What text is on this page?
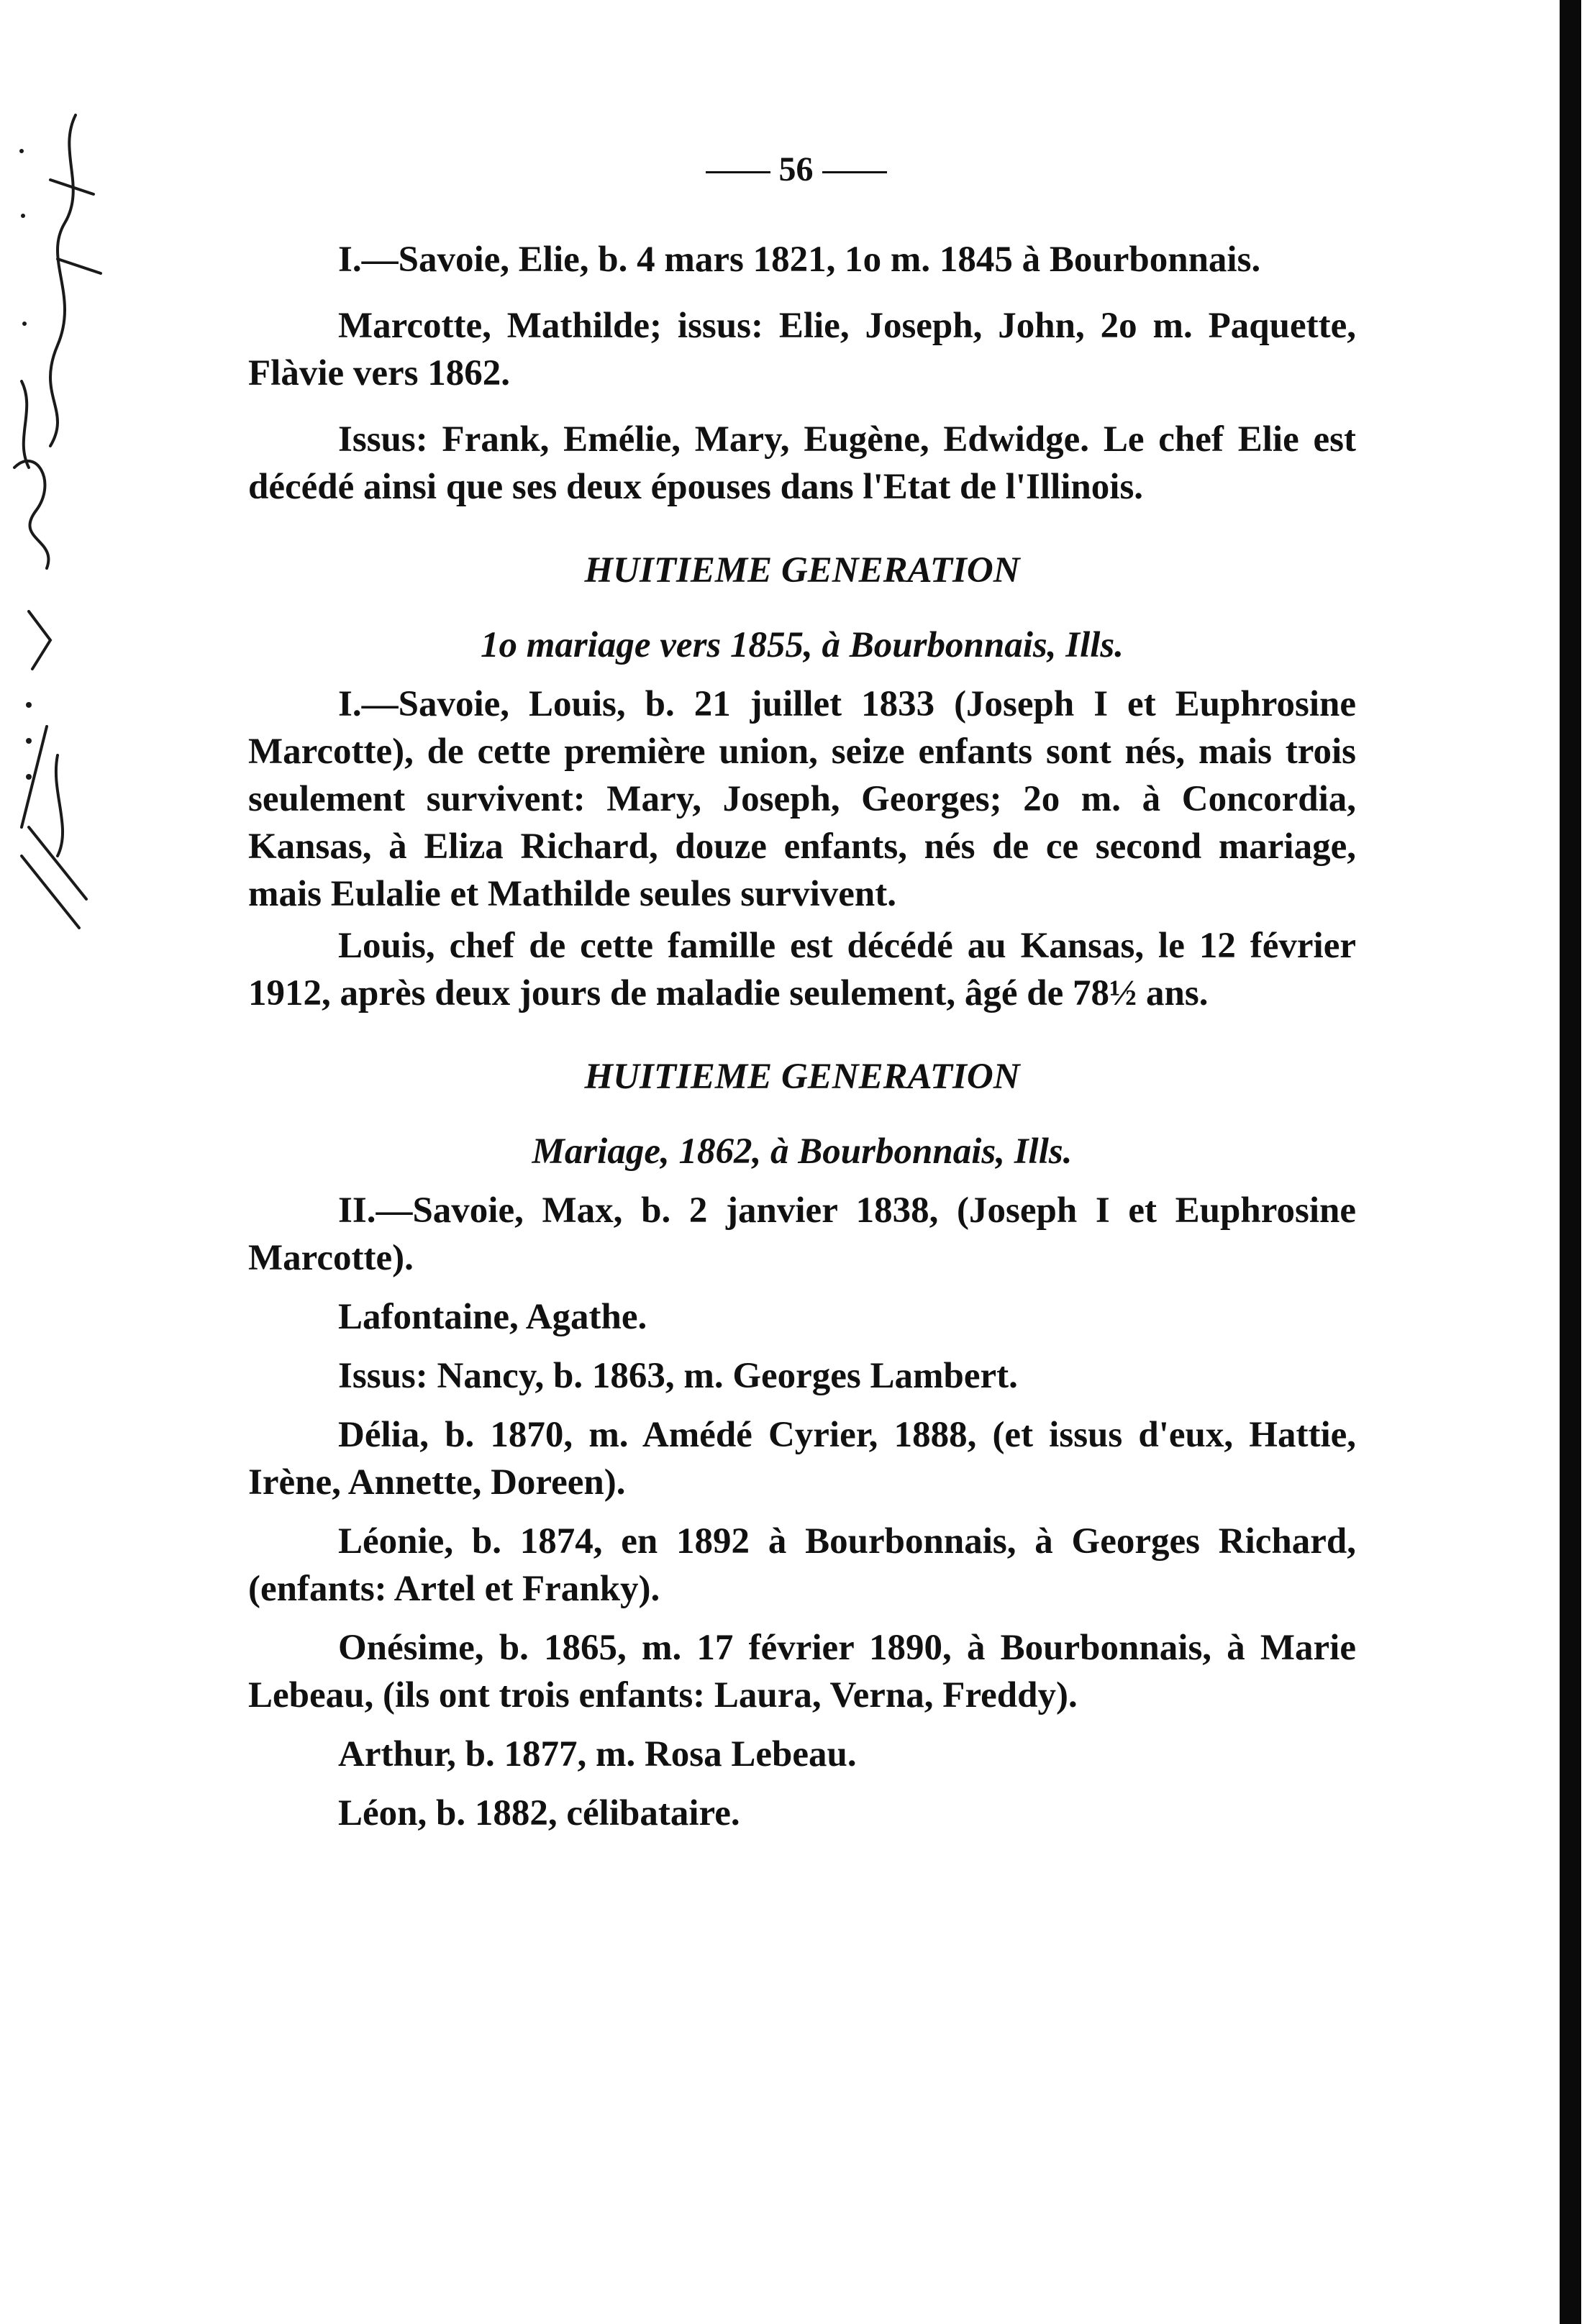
56

I.—Savoie, Elie, b. 4 mars 1821, 1o m. 1845 à Bourbonnais.

Marcotte, Mathilde; issus: Elie, Joseph, John, 2o m. Paquette, Flàvie vers 1862.

Issus: Frank, Emélie, Mary, Eugène, Edwidge. Le chef Elie est décédé ainsi que ses deux épouses dans l'Etat de l'Illinois.

HUITIEME GENERATION

1o mariage vers 1855, à Bourbonnais, Ills.

I.—Savoie, Louis, b. 21 juillet 1833 (Joseph I et Euphrosine Marcotte), de cette première union, seize enfants sont nés, mais trois seulement survivent: Mary, Joseph, Georges; 2o m. à Concordia, Kansas, à Eliza Richard, douze enfants, nés de ce second mariage, mais Eulalie et Mathilde seules survivent.

Louis, chef de cette famille est décédé au Kansas, le 12 février 1912, après deux jours de maladie seulement, âgé de 78½ ans.

HUITIEME GENERATION

Mariage, 1862, à Bourbonnais, Ills.

II.—Savoie, Max, b. 2 janvier 1838, (Joseph I et Euphrosine Marcotte).

Lafontaine, Agathe.

Issus: Nancy, b. 1863, m. Georges Lambert.

Délia, b. 1870, m. Amédé Cyrier, 1888, (et issus d'eux, Hattie, Irène, Annette, Doreen).

Léonie, b. 1874, en 1892 à Bourbonnais, à Georges Richard, (enfants: Artel et Franky).

Onésime, b. 1865, m. 17 février 1890, à Bourbonnais, à Marie Lebeau, (ils ont trois enfants: Laura, Verna, Freddy).

Arthur, b. 1877, m. Rosa Lebeau.

Léon, b. 1882, célibataire.
